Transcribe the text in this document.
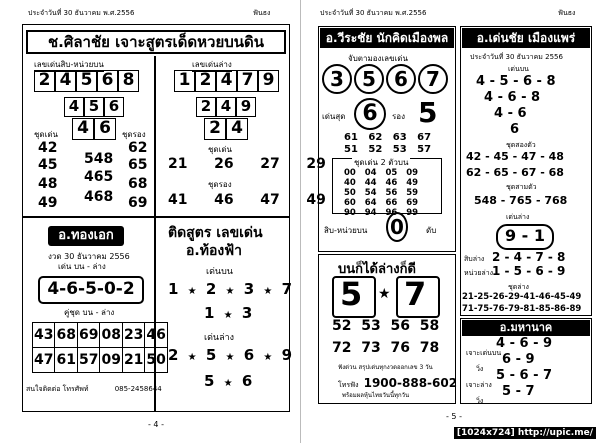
ประจำวันที่ 30 ธันวาคม พ.ศ.2556	ฟันธง
ช.ศิลาชัย เจาะสูตรเด็ดหวยบนดิน
เลขเด่นสิบ-หน่วยบน
2 4 5 6 8
4 5 6
ชุดเด่น 4 6	ชุดรอง
42	62
45 548 65
48 465 68
49 468 69
เลขเด่นล่าง
1 2 4 7 9
2 4 9
2 4
ชุดเด่น
21 26 27 29
ชุดรอง
41 46 47 49
อ.ทองเอก
งวด 30 ธันวาคม 2556
เด่น บน - ล่าง
4-6-5-0-2
คู่ชุด บน - ล่าง
43	68	69	08	23	46
47	61	57	09	21	50
สนใจติดต่อ โทรศัพท์	085-2458644
ติดสูตร เลขเด่น
อ.ท้องฟ้า
เด่นบน
1 ★ 2 ★ 3 ★ 7
1 ★ 3
เด่นล่าง
2 ★ 5 ★ 6 ★ 9
5 ★ 6
- 4 -
ประจำวันที่ 30 ธันวาคม พ.ศ.2556	ฟันธง
อ.วีระชัย นักคิดเมืองพล
จับตามองเลขเด่น
3 5 6 7
เด่นสุด 6	รอง 5
61 62 63 67
51 52 53 57
ชุดเด่น 2 ตัวบน
00 04 05 09
40 44 46 49
50 54 56 59
60 64 66 69
90 94 96 99
สิบ-หน่วยบน 0	ดับ
บนก็ได้ล่างก็ดี
5 ★ 7
52 53 56 58
72 73 76 78
ฟังด่วน สรุปเด่นทุกงวดออกเลข 3 วัน
โทรฟัง 1900-888-602
พร้อมผลหุ้นไทยวันนี้ทุกวัน
อ.เด่นชัย เมืองแพร่
ประจำวันที่ 30 ธันวาคม 2556
เด่นบน
4 - 5 - 6 - 8
4 - 6 - 8
4 - 6
6
ชุดสองตัว
42 - 45 - 47 - 48
62 - 65 - 67 - 68
ชุดสามตัว
548 - 765 - 768
เด่นล่าง
9 - 1
สิบล่าง 2 - 4 - 7 - 8
หน่วยล่าง
1 - 5 - 6 - 9
ชุดล่าง
21-25-26-29-41-46-45-49
71-75-76-79-81-85-86-89
อ.มหานาค
เจาะเด่นบน
4 - 6 - 9
วิ่ง
6 - 9
เจาะล่าง
5 - 6 - 7
วิ่ง
5 - 7
- 5 -
[1024x724] http://upic.me/
